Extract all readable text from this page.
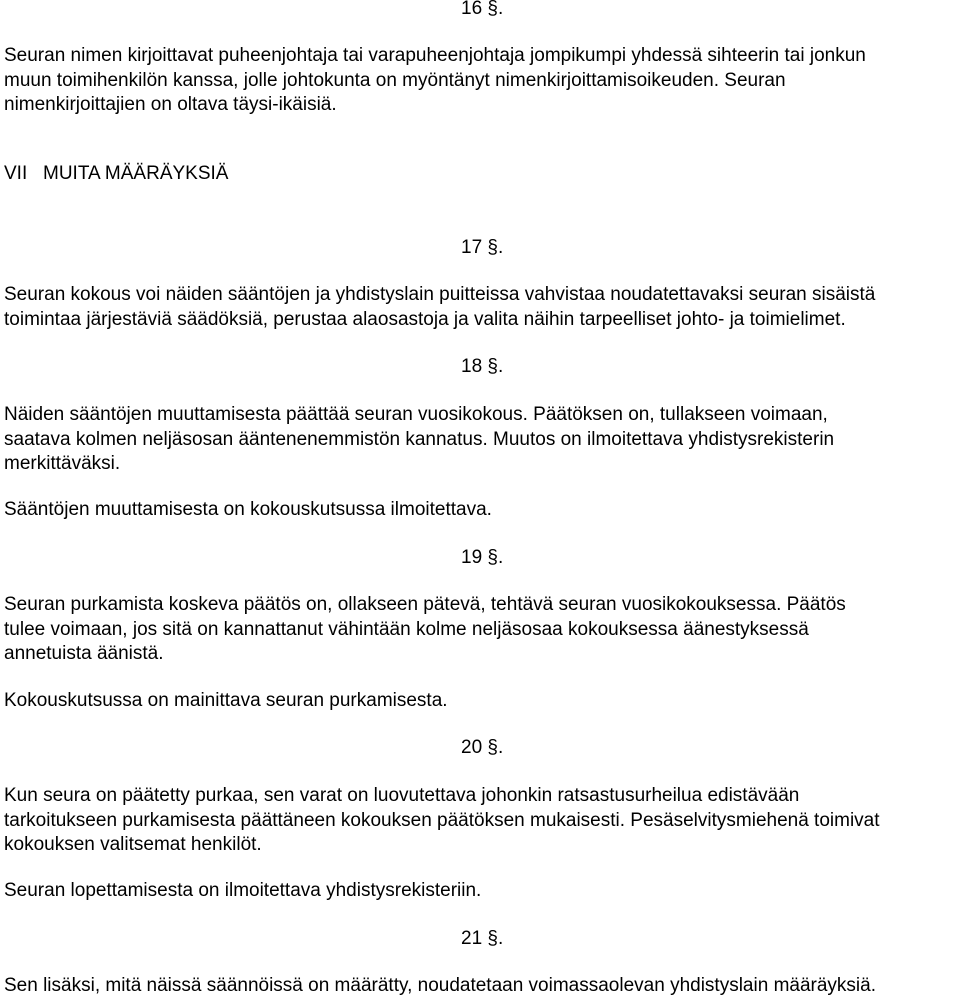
16 §.
Seuran nimen kirjoittavat puheenjohtaja tai varapuheenjohtaja jompikumpi yhdessä sihteerin tai jonkun
muun toimihenkilön kanssa, jolle johtokunta on myöntänyt nimenkirjoittamisoikeuden. Seuran
nimenkirjoittajien on oltava täysi-ikäisiä.
VII MUITA MÄÄRÄYKSIÄ
17 §.
Seuran kokous voi näiden sääntöjen ja yhdistyslain puitteissa vahvistaa noudatettavaksi seuran sisäistä
toimintaa järjestäviä säädöksiä, perustaa alaosastoja ja valita näihin tarpeelliset johto- ja toimielimet.
18 §.
Näiden sääntöjen muuttamisesta päättää seuran vuosikokous. Päätöksen on, tullakseen voimaan,
saatava kolmen neljäsosan ääntenenemmistön kannatus. Muutos on ilmoitettava yhdistysrekisterin
merkittäväksi.
Sääntöjen muuttamisesta on kokouskutsussa ilmoitettava.
19 §.
Seuran purkamista koskeva päätös on, ollakseen pätevä, tehtävä seuran vuosikokouksessa. Päätös
tulee voimaan, jos sitä on kannattanut vähintään kolme neljäsosaa kokouksessa äänestyksessä
annetuista äänistä.
Kokouskutsussa on mainittava seuran purkamisesta.
20 §.
Kun seura on päätetty purkaa, sen varat on luovutettava johonkin ratsastusurheilua edistävään
tarkoitukseen purkamisesta päättäneen kokouksen päätöksen mukaisesti. Pesäselvitysmiehenä toimivat
kokouksen valitsemat henkilöt.
Seuran lopettamisesta on ilmoitettava yhdistysrekisteriin.
21 §.
Sen lisäksi, mitä näissä säännöissä on määrätty, noudatetaan voimassaolevan yhdistyslain määräyksiä.
